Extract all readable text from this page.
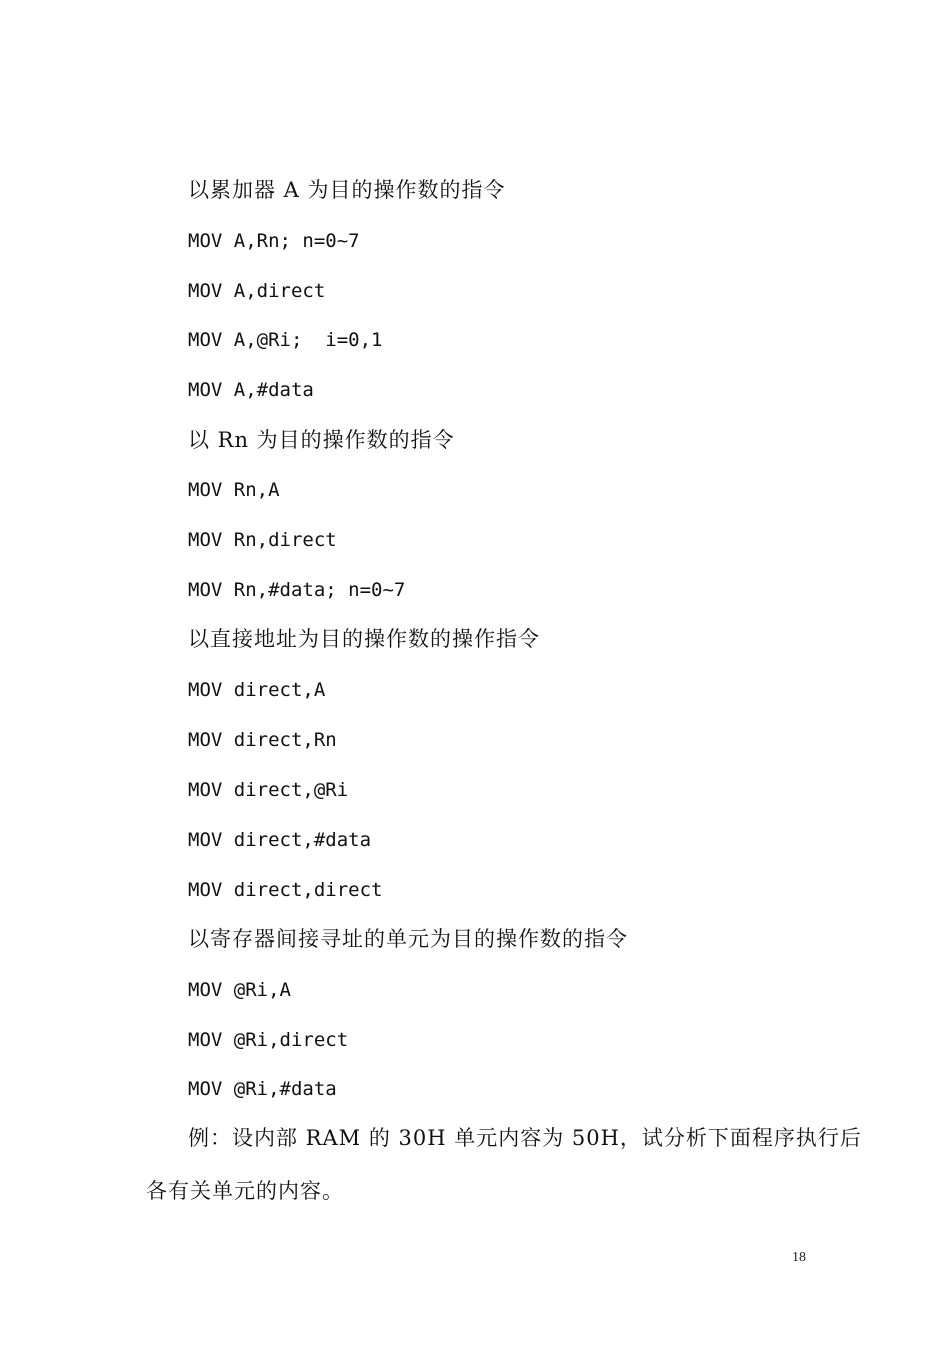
以累加器 A 为目的操作数的指令
MOV A,Rn; n=0~7
MOV A,direct
MOV A,@Ri;  i=0,1
MOV A,#data
以 Rn 为目的操作数的指令
MOV Rn,A
MOV Rn,direct
MOV Rn,#data; n=0~7
以直接地址为目的操作数的操作指令
MOV direct,A
MOV direct,Rn
MOV direct,@Ri
MOV direct,#data
MOV direct,direct
以寄存器间接寻址的单元为目的操作数的指令
MOV @Ri,A
MOV @Ri,direct
MOV @Ri,#data
例：设内部 RAM 的 30H 单元内容为 50H，试分析下面程序执行后
各有关单元的内容。
18
